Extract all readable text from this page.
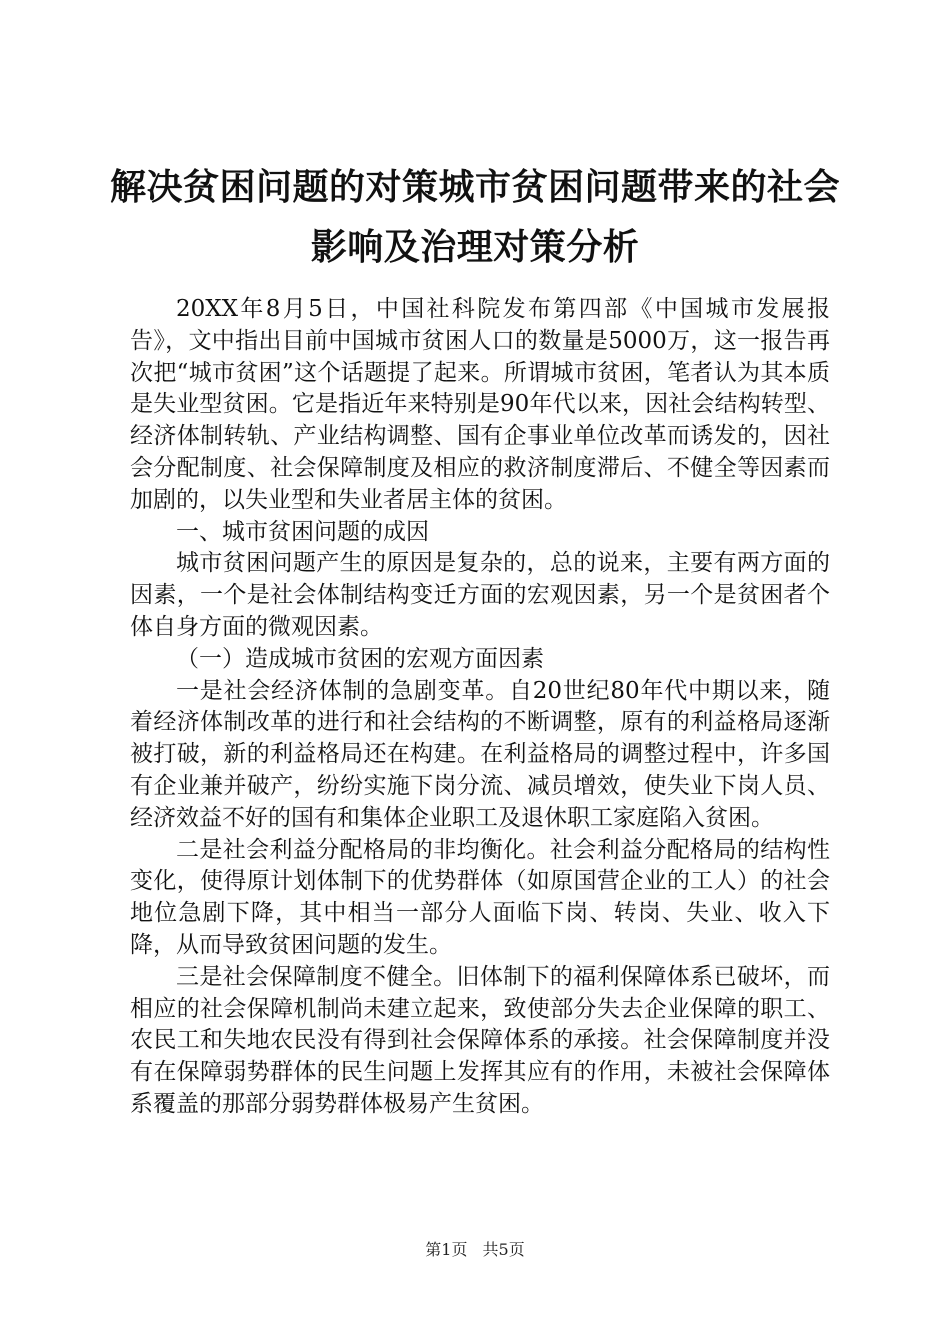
解决贫困问题的对策城市贫困问题带来的社会
影响及治理对策分析

20XX年8月5日，中国社科院发布第四部《中国城市发展报告》，文中指出目前中国城市贫困人口的数量是5000万，这一报告再次把“城市贫困”这个话题提了起来。所谓城市贫困，笔者认为其本质是失业型贫困。它是指近年来特别是90年代以来，因社会结构转型、经济体制转轨、产业结构调整、国有企事业单位改革而诱发的，因社会分配制度、社会保障制度及相应的救济制度滞后、不健全等因素而加剧的，以失业型和失业者居主体的贫困。

一、城市贫困问题的成因

城市贫困问题产生的原因是复杂的，总的说来，主要有两方面的因素，一个是社会体制结构变迁方面的宏观因素，另一个是贫困者个体自身方面的微观因素。

（一）造成城市贫困的宏观方面因素

一是社会经济体制的急剧变革。自20世纪80年代中期以来，随着经济体制改革的进行和社会结构的不断调整，原有的利益格局逐渐被打破，新的利益格局还在构建。在利益格局的调整过程中，许多国有企业兼并破产，纷纷实施下岗分流、减员增效，使失业下岗人员、经济效益不好的国有和集体企业职工及退休职工家庭陷入贫困。

二是社会利益分配格局的非均衡化。社会利益分配格局的结构性变化，使得原计划体制下的优势群体（如原国营企业的工人）的社会地位急剧下降，其中相当一部分人面临下岗、转岗、失业、收入下降，从而导致贫困问题的发生。

三是社会保障制度不健全。旧体制下的福利保障体系已破坏，而相应的社会保障机制尚未建立起来，致使部分失去企业保障的职工、农民工和失地农民没有得到社会保障体系的承接。社会保障制度并没有在保障弱势群体的民生问题上发挥其应有的作用，未被社会保障体系覆盖的那部分弱势群体极易产生贫困。

第1页 共5页
